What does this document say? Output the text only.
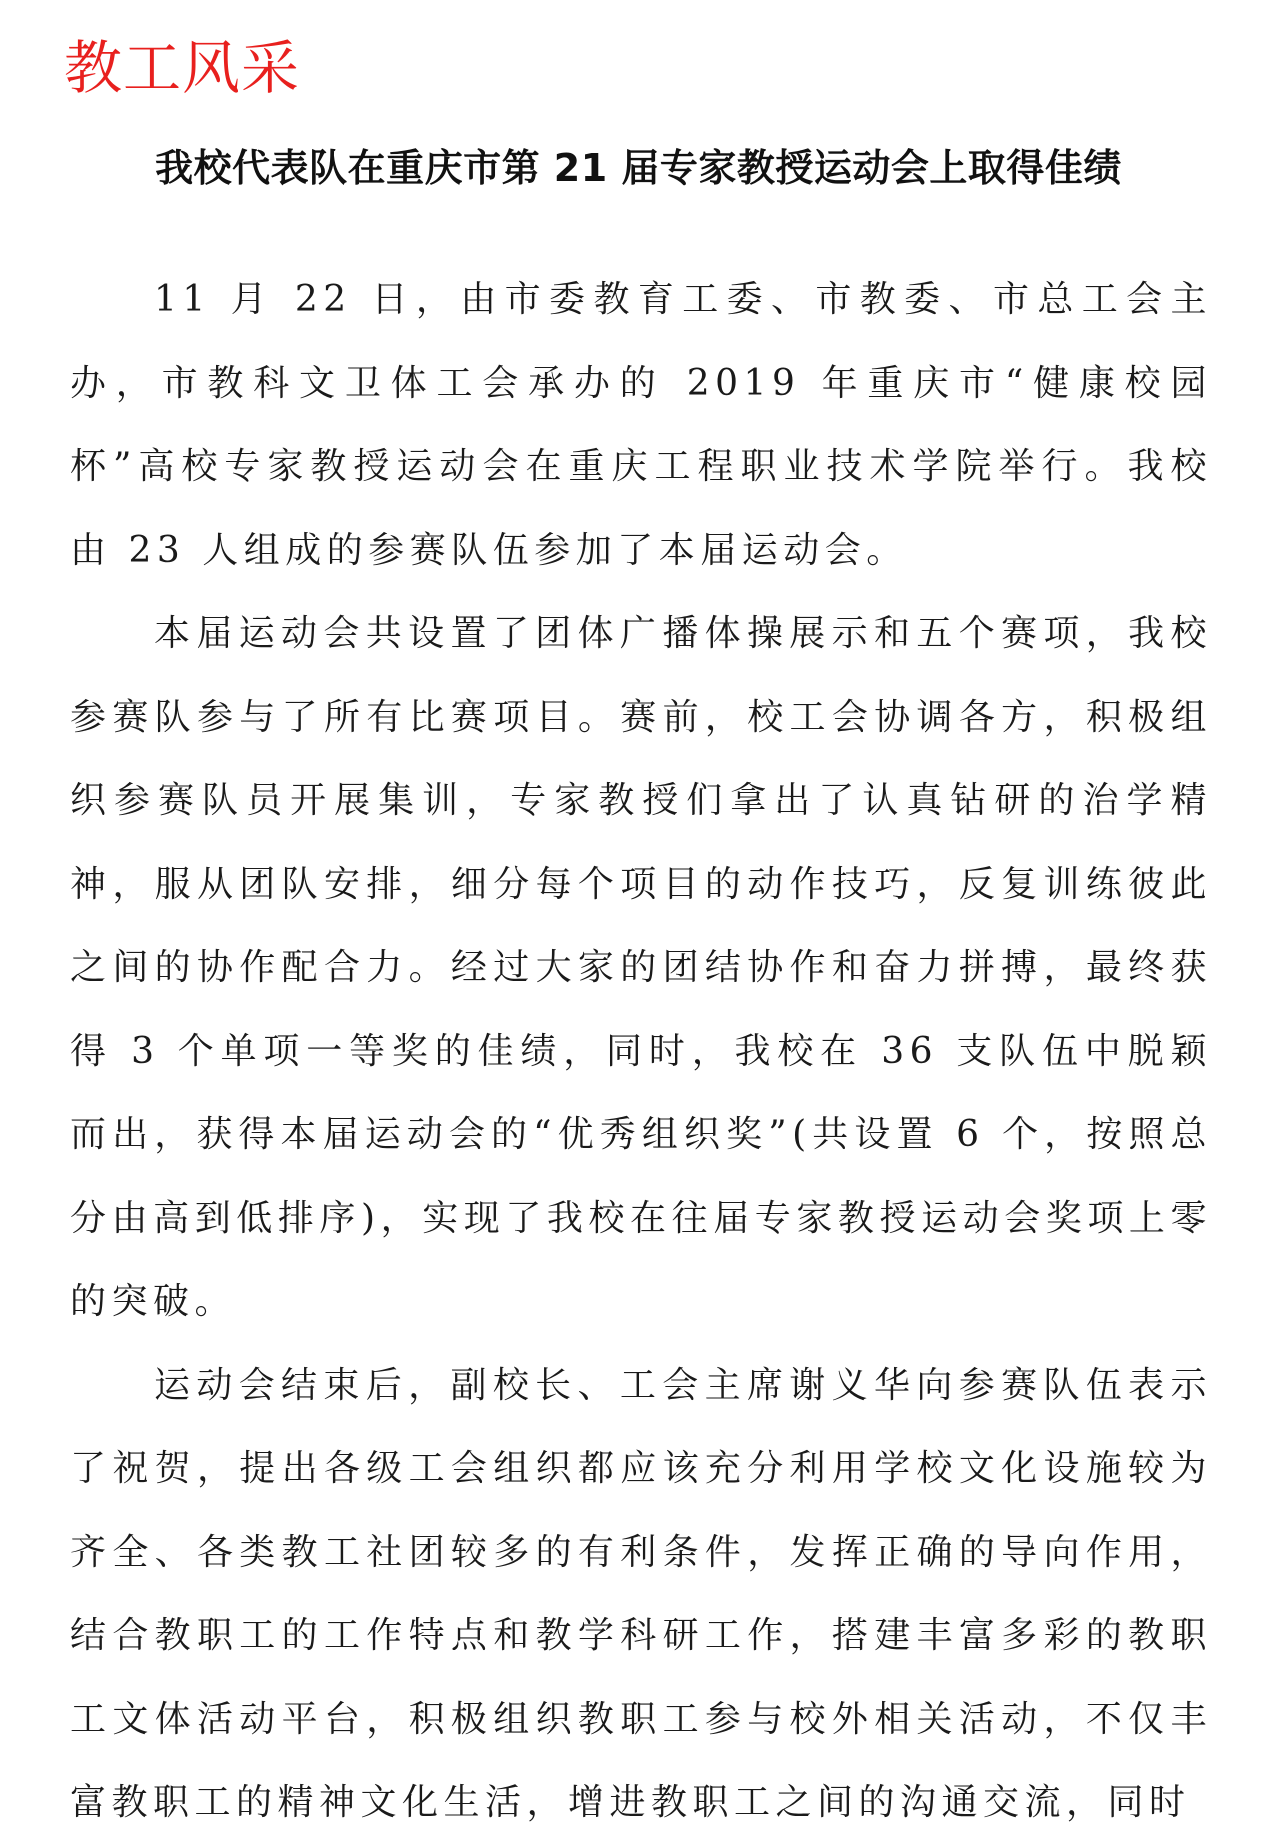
教工风采
我校代表队在重庆市第 21 届专家教授运动会上取得佳绩

11 月 22 日，由市委教育工委、市教委、市总工会主办，市教科文卫体工会承办的 2019 年重庆市“健康校园杯”高校专家教授运动会在重庆工程职业技术学院举行。我校由 23 人组成的参赛队伍参加了本届运动会。

本届运动会共设置了团体广播体操展示和五个赛项，我校参赛队参与了所有比赛项目。赛前，校工会协调各方，积极组织参赛队员开展集训，专家教授们拿出了认真钻研的治学精神，服从团队安排，细分每个项目的动作技巧，反复训练彼此之间的协作配合力。经过大家的团结协作和奋力拼搏，最终获得 3 个单项一等奖的佳绩，同时，我校在 36 支队伍中脱颖而出，获得本届运动会的“优秀组织奖”(共设置 6 个，按照总分由高到低排序)，实现了我校在往届专家教授运动会奖项上零的突破。

运动会结束后，副校长、工会主席谢义华向参赛队伍表示了祝贺，提出各级工会组织都应该充分利用学校文化设施较为齐全、各类教工社团较多的有利条件，发挥正确的导向作用，结合教职工的工作特点和教学科研工作，搭建丰富多彩的教职工文体活动平台，积极组织教职工参与校外相关活动，不仅丰富教职工的精神文化生活，增进教职工之间的沟通交流，同时
